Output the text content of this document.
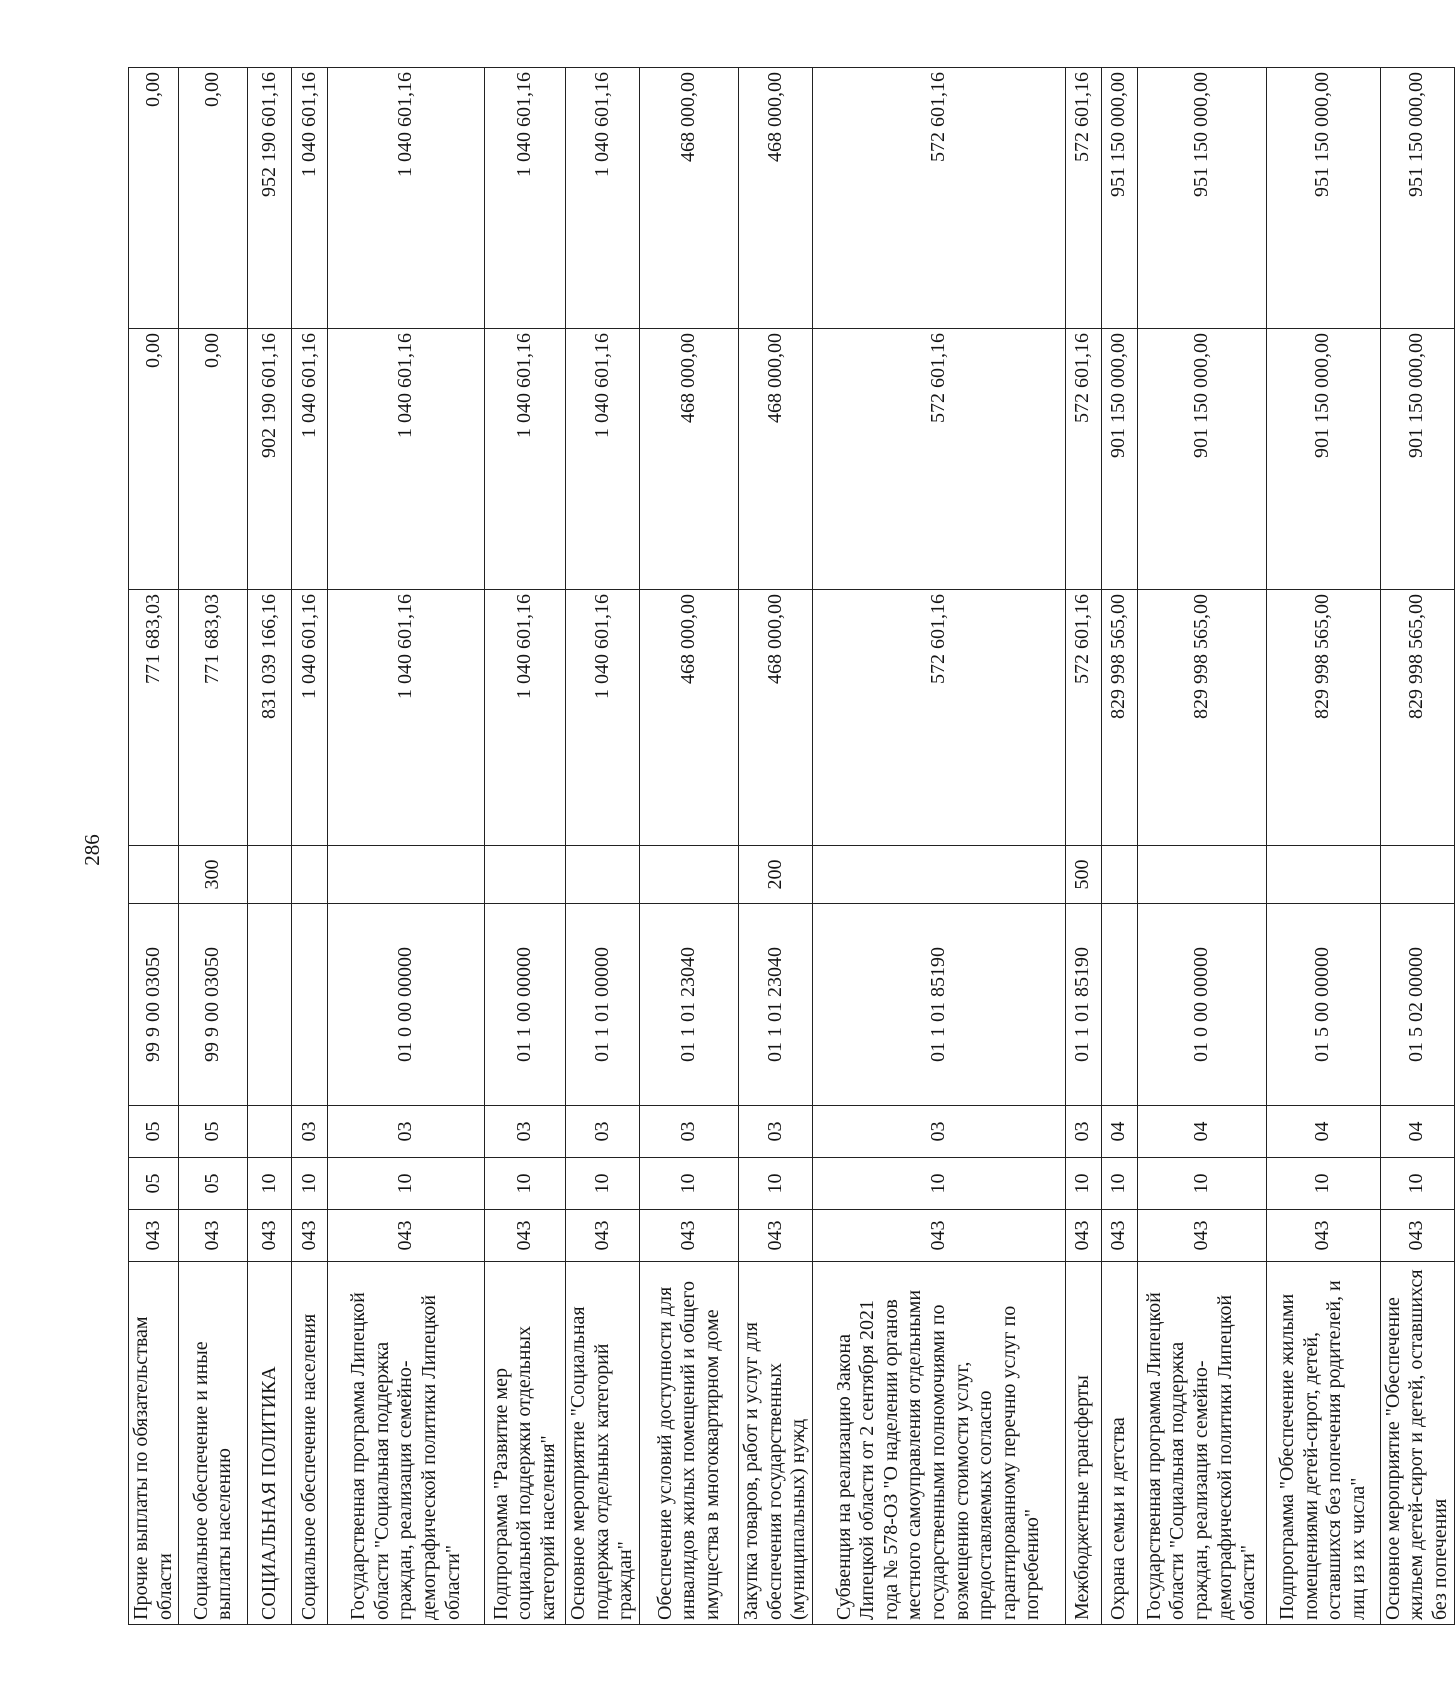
286
Прочие выплаты по обязательствам области	043	05	05	99 9 00 03050		771 683,03	0,00	0,00
Социальное обеспечение и иные выплаты населению	043	05	05	99 9 00 03050	300	771 683,03	0,00	0,00
СОЦИАЛЬНАЯ ПОЛИТИКА	043	10				831 039 166,16	902 190 601,16	952 190 601,16
Социальное обеспечение населения	043	10	03			1 040 601,16	1 040 601,16	1 040 601,16
Государственная программа Липецкой области "Социальная поддержка граждан, реализация семейно-демографической политики Липецкой области"	043	10	03	01 0 00 00000		1 040 601,16	1 040 601,16	1 040 601,16
Подпрограмма "Развитие мер социальной поддержки отдельных категорий населения"	043	10	03	01 1 00 00000		1 040 601,16	1 040 601,16	1 040 601,16
Основное мероприятие "Социальная поддержка отдельных категорий граждан"	043	10	03	01 1 01 00000		1 040 601,16	1 040 601,16	1 040 601,16
Обеспечение условий доступности для инвалидов жилых помещений и общего имущества в многоквартирном доме	043	10	03	01 1 01 23040		468 000,00	468 000,00	468 000,00
Закупка товаров, работ и услуг для обеспечения государственных (муниципальных) нужд	043	10	03	01 1 01 23040	200	468 000,00	468 000,00	468 000,00
Субвенция на реализацию Закона Липецкой области от 2 сентября 2021 года № 578-ОЗ "О наделении органов местного самоуправления отдельными государственными полномочиями по возмещению стоимости услуг, предоставляемых согласно гарантированному перечню услуг по погребению"	043	10	03	01 1 01 85190		572 601,16	572 601,16	572 601,16
Межбюджетные трансферты	043	10	03	01 1 01 85190	500	572 601,16	572 601,16	572 601,16
Охрана семьи и детства	043	10	04			829 998 565,00	901 150 000,00	951 150 000,00
Государственная программа Липецкой области "Социальная поддержка граждан, реализация семейно-демографической политики Липецкой области"	043	10	04	01 0 00 00000		829 998 565,00	901 150 000,00	951 150 000,00
Подпрограмма "Обеспечение жилыми помещениями детей-сирот, детей, оставшихся без попечения родителей, и лиц из их числа"	043	10	04	01 5 00 00000		829 998 565,00	901 150 000,00	951 150 000,00
Основное мероприятие "Обеспечение жильем детей-сирот и детей, оставшихся без попечения	043	10	04	01 5 02 00000		829 998 565,00	901 150 000,00	951 150 000,00
